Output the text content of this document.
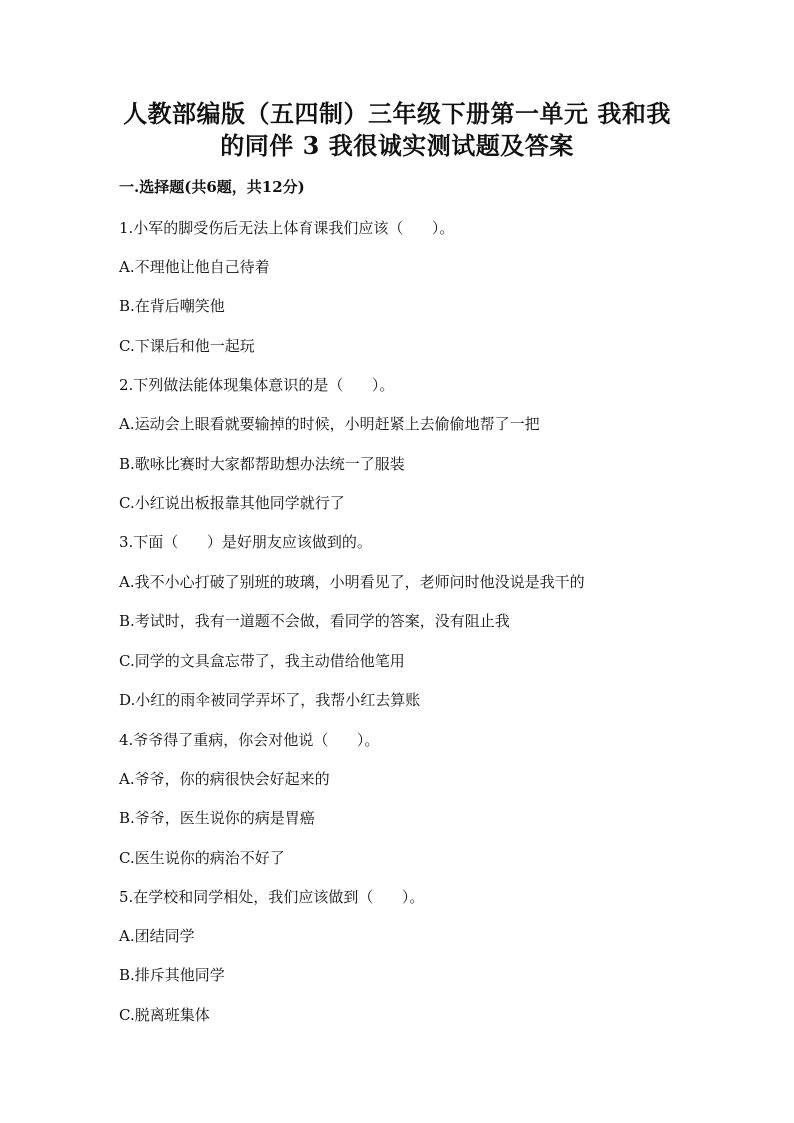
人教部编版（五四制）三年级下册第一单元 我和我
的同伴 3 我很诚实测试题及答案
一.选择题(共6题，共12分)
1.小军的脚受伤后无法上体育课我们应该（      ）。
A.不理他让他自己待着
B.在背后嘲笑他
C.下课后和他一起玩
2.下列做法能体现集体意识的是（      ）。
A.运动会上眼看就要输掉的时候，小明赶紧上去偷偷地帮了一把
B.歌咏比赛时大家都帮助想办法统一了服装
C.小红说出板报靠其他同学就行了
3.下面（      ）是好朋友应该做到的。
A.我不小心打破了别班的玻璃，小明看见了，老师问时他没说是我干的
B.考试时，我有一道题不会做，看同学的答案，没有阻止我
C.同学的文具盒忘带了，我主动借给他笔用
D.小红的雨伞被同学弄坏了，我帮小红去算账
4.爷爷得了重病，你会对他说（      ）。
A.爷爷，你的病很快会好起来的
B.爷爷，医生说你的病是胃癌
C.医生说你的病治不好了
5.在学校和同学相处，我们应该做到（      ）。
A.团结同学
B.排斥其他同学
C.脱离班集体
